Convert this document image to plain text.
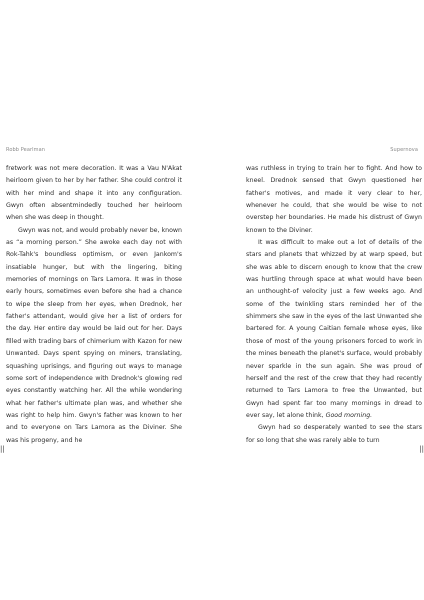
Robb Pearlman	Supernova

fretwork was not mere decoration. It was a Vau N'Akat heirloom given to her by her father. She could control it with her mind and shape it into any configuration. Gwyn often absentmindedly touched her heirloom when she was deep in thought.

Gwyn was not, and would probably never be, known as “a morning person.” She awoke each day not with Rok-Tahk's boundless optimism, or even Jankom's insatiable hunger, but with the lingering, biting memories of mornings on Tars Lamora. It was in those early hours, sometimes even before she had a chance to wipe the sleep from her eyes, when Drednok, her father's attendant, would give her a list of orders for the day. Her entire day would be laid out for her. Days filled with trading bars of chimerium with Kazon for new Unwanted. Days spent spying on miners, translating, squashing uprisings, and figuring out ways to manage some sort of independence with Drednok's glowing red eyes constantly watching her. All the while wondering what her father's ultimate plan was, and whether she was right to help him. Gwyn's father was known to her and to everyone on Tars Lamora as the Diviner. She was his progeny, and he

was ruthless in trying to train her to fight. And how to kneel. Drednok sensed that Gwyn questioned her father's motives, and made it very clear to her, whenever he could, that she would be wise to not overstep her boundaries. He made his distrust of Gwyn known to the Diviner.

It was difficult to make out a lot of details of the stars and planets that whizzed by at warp speed, but she was able to discern enough to know that the crew was hurtling through space at what would have been an unthought-of velocity just a few weeks ago. And some of the twinkling stars reminded her of the shimmers she saw in the eyes of the last Unwanted she bartered for. A young Caitian female whose eyes, like those of most of the young prisoners forced to work in the mines beneath the planet's surface, would probably never sparkle in the sun again. She was proud of herself and the rest of the crew that they had recently returned to Tars Lamora to free the Unwanted, but Gwyn had spent far too many mornings in dread to ever say, let alone think, Good morning.

Gwyn had so desperately wanted to see the stars for so long that she was rarely able to turn

||	||
